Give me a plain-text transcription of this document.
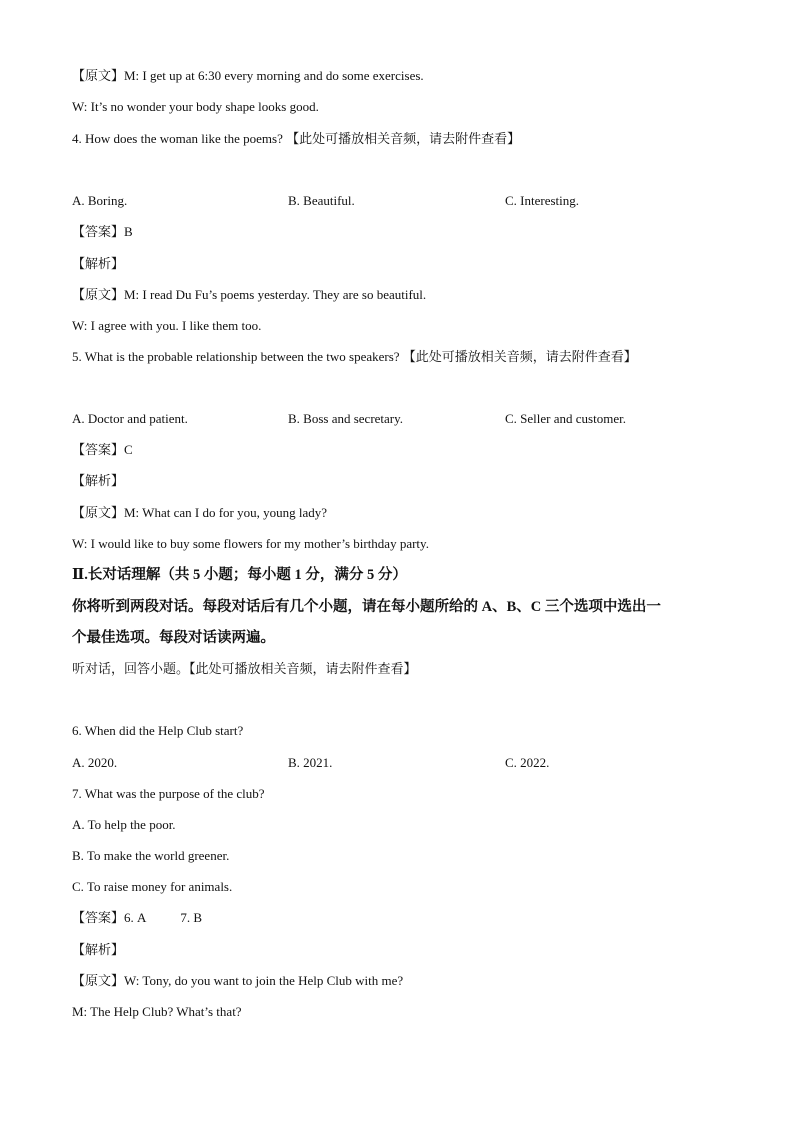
【原文】M: I get up at 6:30 every morning and do some exercises.
W: It’s no wonder your body shape looks good.
4. How does the woman like the poems? 【此处可播放相关音频，请去附件查看】
A. Boring.	B. Beautiful.	C. Interesting.
【答案】B
【解析】
【原文】M: I read Du Fu’s poems yesterday. They are so beautiful.
W: I agree with you. I like them too.
5. What is the probable relationship between the two speakers? 【此处可播放相关音频，请去附件查看】
A. Doctor and patient.	B. Boss and secretary.	C. Seller and customer.
【答案】C
【解析】
【原文】M: What can I do for you, young lady?
W: I would like to buy some flowers for my mother’s birthday party.
Ⅱ.长对话理解（共 5 小题；每小题 1 分，满分 5 分）
你将听到两段对话。每段对话后有几个小题，请在每小题所给的 A、B、C 三个选项中选出一
个最佳选项。每段对话读两遍。
听对话，回答小题。【此处可播放相关音频，请去附件查看】
6. When did the Help Club start?
A. 2020.	B. 2021.	C. 2022.
7. What was the purpose of the club?
A. To help the poor.
B. To make the world greener.
C. To raise money for animals.
【答案】6. A	7. B
【解析】
【原文】W: Tony, do you want to join the Help Club with me?
M: The Help Club? What’s that?
